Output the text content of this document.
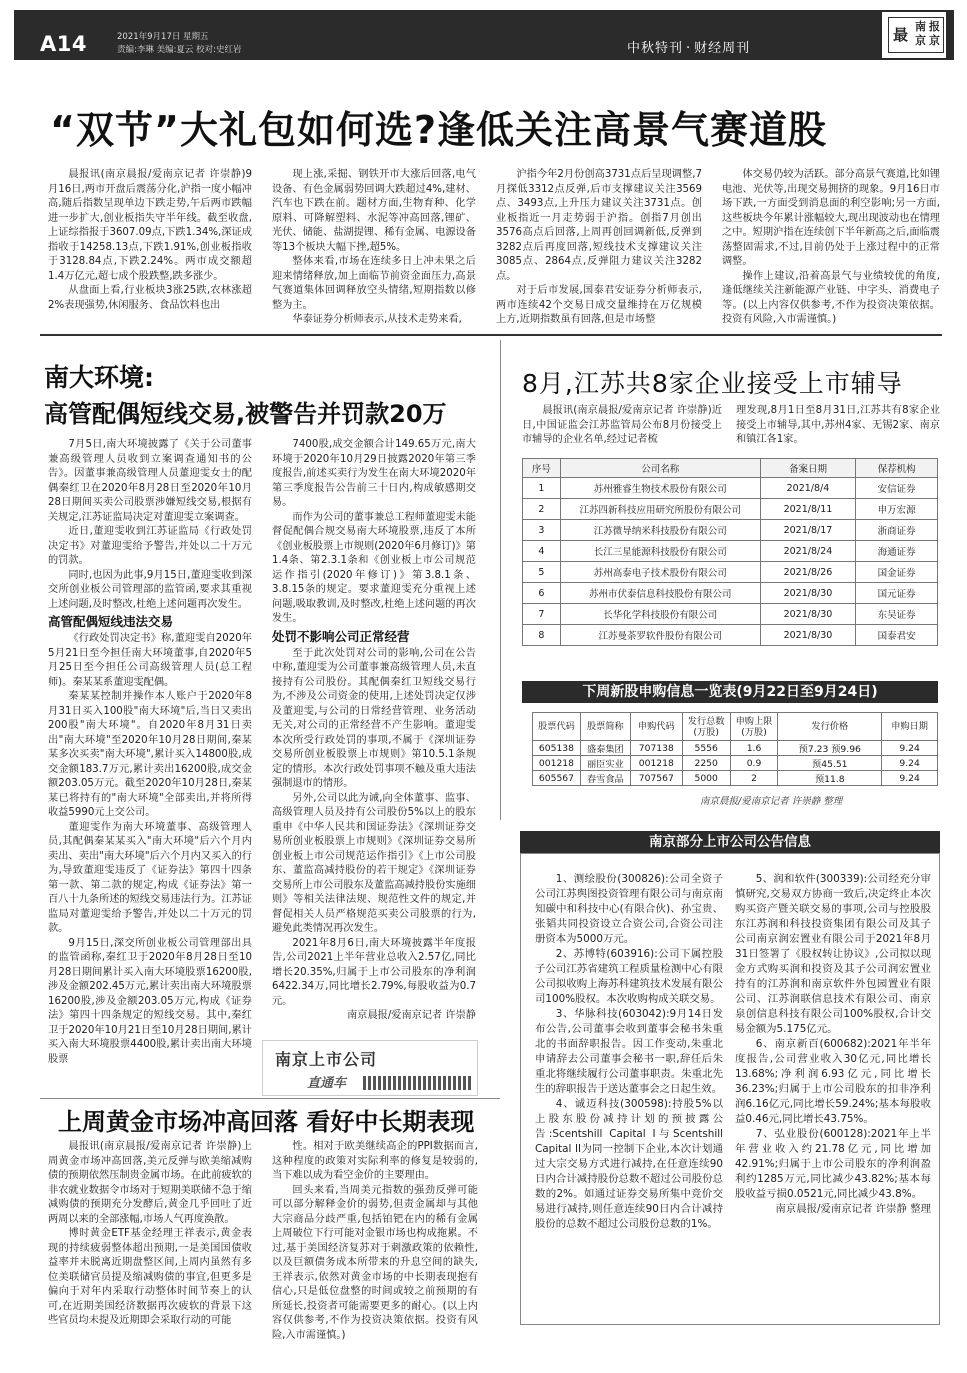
A14	2021年9月17日 星期五
责编:李琳 美编:夏云 校对:史红岩	中秋特刊 · 财经周刊
最 南京
报京
“双节”大礼包如何选?逢低关注高景气赛道股

晨报讯(南京晨报/爱南京记者 许崇静)9月16日,两市开盘后震荡分化,沪指一度小幅冲高,随后指数呈现单边下跌走势,午后两市跌幅进一步扩大,创业板指失守半年线。截至收盘,上证综指报于3607.09点,下跌1.34%,深证成指收于14258.13点,下跌1.91%,创业板指收于3128.84点,下跌2.24%。两市成交额超1.4万亿元,超七成个股跌整,跌多涨少。

从盘面上看,行业板块3涨25跌,农林涨超2%表现强势,休闲服务、食品饮料也出

现上涨,采掘、钢铁开市大涨后回落,电气设备、有色金属弱势回调大跌超过4%,建材、汽车也下跌在前。题材方面,生物育种、化学原料、可降解塑料、水泥等冲高回落,锂矿、光伏、储能、盐湖提锂、稀有金属、电源设备等13个板块大幅下挫,超5%。

整体来看,市场在连续多日上冲未果之后迎来情绪释放,加上面临节前资金面压力,高景气赛道集体回调释放空头情绪,短期指数以修整为主。

华泰证券分析师表示,从技术走势来看,

沪指今年2月份创高3731点后呈现调整,7月探低3312点反弹,后市支撑建议关注3569点、3493点,上升压力建议关注3731点。创业板指近一月走势弱于沪指。创指7月创出3576高点后回落,上周再创回调新低,反弹到3282点后再度回落,短线技术支撑建议关注3085点、2864点,反弹阻力建议关注3282点。

对于后市发展,国泰君安证券分析师表示,两市连续42个交易日成交量维持在万亿规模上方,近期指数虽有回落,但是市场整

体交易仍较为活跃。部分高景气赛道,比如锂电池、光伏等,出现交易拥挤的现象。9月16日市场下跌,一方面受到消息面的利空影响;另一方面,这些板块今年累计涨幅较大,现出现波动也在情理之中。短期沪指在连续创下半年新高之后,面临震荡整固需求,不过,目前仍处于上涨过程中的正常调整。

操作上建议,沿着高景气与业绩较优的角度,逢低继续关注新能源产业链、中字头、消费电子等。(以上内容仅供参考,不作为投资决策依据。投资有风险,入市需谨慎。)

南大环境:
高管配偶短线交易,被警告并罚款20万

7月5日,南大环境披露了《关于公司董事兼高级管理人员收到立案调查通知书的公告》。因董事兼高级管理人员董迎雯女士的配偶秦红卫在2020年8月28日至2020年10月28日期间买卖公司股票涉嫌短线交易,根据有关规定,江苏证监局决定对董迎雯立案调查。

近日,董迎雯收到江苏证监局《行政处罚决定书》对董迎雯给予警告,并处以二十万元的罚款。

同时,也因为此事,9月15日,董迎雯收到深交所创业板公司管理部的监管函,要求其重视上述问题,及时整改,杜绝上述问题再次发生。

高管配偶短线违法交易

《行政处罚决定书》称,董迎雯自2020年5月21日至今担任南大环境董事,自2020年5月25日至今担任公司高级管理人员(总工程师)。秦某某系董迎雯配偶。

秦某某控制并操作本人账户于2020年8月31日买入100股"南大环境"后,当日又卖出200股"南大环境"。自2020年8月31日卖出"南大环境"至2020年10月28日期间,秦某某多次买卖"南大环境",累计买入14800股,成交金额183.7万元,累计卖出16200股,成交金额203.05万元。截至2020年10月28日,秦某某已将持有的"南大环境"全部卖出,并将所得收益5990元上交公司。

董迎雯作为南大环境董事、高级管理人员,其配偶秦某某买入"南大环境"后六个月内卖出、卖出"南大环境"后六个月内又买入的行为,导致董迎雯违反了《证券法》第四十四条第一款、第二款的规定,构成《证券法》第一百八十九条所述的短线交易违法行为。江苏证监局对董迎雯给予警告,并处以二十万元的罚款。

9月15日,深交所创业板公司管理部出具的监管函称,秦红卫于2020年8月28日至10月28日期间累计买入南大环境股票16200股,涉及金额202.45万元,累计卖出南大环境股票16200股,涉及金额203.05万元,构成《证券法》第四十四条规定的短线交易。其中,秦红卫于2020年10月21日至10月28日期间,累计买入南大环境股票4400股,累计卖出南大环境股票

7400股,成交金额合计149.65万元,南大环境于2020年10月29日披露2020年第三季度报告,前述买卖行为发生在南大环境2020年第三季度报告公告前三十日内,构成敏感期交易。

而作为公司的董事兼总工程师董迎雯未能督促配偶合规交易南大环境股票,违反了本所《创业板股票上市规则(2020年6月修订)》第1.4条、第2.3.1条和《创业板上市公司规范运作指引(2020年修订)》第3.8.1条、3.8.15条的规定。要求董迎雯充分重视上述问题,吸取教训,及时整改,杜绝上述问题的再次发生。

处罚不影响公司正常经营

至于此次处罚对公司的影响,公司在公告中称,董迎雯为公司董事兼高级管理人员,未直接持有公司股份。其配偶秦红卫短线交易行为,不涉及公司资金的使用,上述处罚决定仅涉及董迎雯,与公司的日常经营管理、业务活动无关,对公司的正常经营不产生影响。董迎雯本次所受行政处罚的事项,不属于《深圳证券交易所创业板股票上市规则》第10.5.1条规定的情形。本次行政处罚事项不触及重大违法强制退市的情形。

另外,公司以此为诫,向全体董事、监事、高级管理人员及持有公司股份5%以上的股东重申《中华人民共和国证券法》《深圳证券交易所创业板股票上市规则》《深圳证券交易所创业板上市公司规范运作指引》《上市公司股东、董监高减持股份的若干规定》《深圳证券交易所上市公司股东及董监高减持股份实施细则》等相关法律法规、规范性文件的规定,并督促相关人员严格规范买卖公司股票的行为,避免此类情况再次发生。

2021年8月6日,南大环境披露半年度报告,公司2021上半年营业总收入2.57亿,同比增长20.35%,归属于上市公司股东的净利润6422.34万,同比增长2.79%,每股收益为0.7元。

南京晨报/爱南京记者 许崇静

南京上市公司
直通车
上周黄金市场冲高回落 看好中长期表现

晨报讯(南京晨报/爱南京记者 许崇静)上周黄金市场冲高回落,美元反弹与欧美缩减购债的预期依然压制贵金属市场。在此前疲软的非农就业数据令市场对于短期美联储不急于缩减购债的预期充分发酵后,黄金几乎回吐了近两周以来的全部涨幅,市场人气再度涣散。

博时黄金ETF基金经理王祥表示,黄金表现的持续疲弱整体超出预期,一是美国国债收益率并未脱离近期盘整区间,上周内虽然有多位美联储官员提及缩减购债的事宜,但更多是偏向于对年内采取行动整体时间节奏上的认可,在近期美国经济数据再次疲软的背景下这些官员均未提及近期即会采取行动的可能

性。相对于欧美继续高企的PPI数据而言,这种程度的政策对实际利率的修复是较弱的,当下难以成为看空金价的主要理由。

回头来看,当周美元指数的强劲反弹可能可以部分解释金价的弱势,但责金属却与其他大宗商品分歧严重,包括铂钯在内的稀有金属上周破位下行可能对金银市场也构成拖累。不过,基于美国经济复苏对于刺激政策的依赖性,以及巨额债务成本所带来的升息空间的缺失,王祥表示,依然对黄金市场的中长期表现抱有信心,只是低位盘整的时间或较之前预期的有所延长,投资者可能需要更多的耐心。(以上内容仅供参考,不作为投资决策依据。投资有风险,入市需谨慎。)

8月,江苏共8家企业接受上市辅导

晨报讯(南京晨报/爱南京记者 许崇静)近日,中国证监会江苏监管局公布8月份接受上市辅导的企业名单,经过记者梳

理发现,8月1日至8月31日,江苏共有8家企业接受上市辅导,其中,苏州4家、无锡2家、南京和镇江各1家。

序号	公司名称	备案日期	保荐机构
1	苏州雅睿生物技术股份有限公司	2021/8/4	安信证券
2	江苏四新科技应用研究所股份有限公司	2021/8/11	申万宏源
3	江苏微导纳米科技股份有限公司	2021/8/17	浙商证券
4	长江三星能源科技股份有限公司	2021/8/24	海通证券
5	苏州高泰电子技术股份有限公司	2021/8/26	国金证券
6	苏州市伏泰信息科技股份有限公司	2021/8/30	国元证券
7	长华化学科技股份有限公司	2021/8/30	东吴证券
8	江苏曼荼罗软件股份有限公司	2021/8/30	国泰君安
下周新股申购信息一览表(9月22日至9月24日)
股票代码	股票简称	申购代码	发行总数(万股)	申购上限(万股)	发行价格	申购日期
605138	盛泰集团	707138	5556	1.6	预7.23 预9.96	9.24
001218	丽臣实业	001218	2250	0.9	预45.51	9.24
605567	春雪食品	707567	5000	2	预11.8	9.24
南京晨报/爱南京记者 许崇静 整理
南京部分上市公司公告信息

1、测绘股份(300826):公司全资子公司江苏舆图投资管理有限公司与南京南知碳中和科技中心(有限合伙)、孙宝贵、张韬共同投资设立合资公司,合资公司注册资本为5000万元。

2、苏博特(603916):公司下属控股子公司江苏省建筑工程质量检测中心有限公司拟收购上海苏科建筑技术发展有限公司100%股权。本次收购构成关联交易。

3、华脉科技(603042):9月14日发布公告,公司董事会收到董事会秘书朱重北的书面辞职报告。因工作变动,朱重北申请辞去公司董事会秘书一职,辞任后朱重北将继续履行公司董事职责。朱重北先生的辞职报告于送达董事会之日起生效。

4、诚迈科技(300598):持股5%以上股东股份减持计划的预披露公告:Scentshill Capital I与Scentshill Capital II为同一控制下企业,本次计划通过大宗交易方式进行减持,在任意连续90日内合计减持股份总数不超过公司股份总数的2%。如通过证券交易所集中竞价交易进行减持,则任意连续90日内合计减持股份的总数不超过公司股份总数的1%。

5、润和软件(300339):公司经充分审慎研究,交易双方协商一致后,决定终止本次购买资产暨关联交易的事项,公司与控股股东江苏润和科技投资集团有限公司及其子公司南京润宏置业有限公司于2021年8月31日签署了《股权转让协议》,公司拟以现金方式购买润和投资及其子公司润宏置业持有的江苏润和南京软件外包园置业有限公司、江苏润联信息技术有限公司、南京泉创信息科技有限公司100%股权,合计交易金额为5.175亿元。

6、南京新百(600682):2021年半年度报告,公司营业收入30亿元,同比增长13.68%;净利润6.93亿元,同比增长36.23%;归属于上市公司股东的扣非净利润6.16亿元,同比增长59.24%;基本每股收益0.46元,同比增长43.75%。

7、弘业股份(600128):2021年上半年营业收入约21.78亿元,同比增加42.91%;归属于上市公司股东的净利润盈利约1285万元,同比减少43.82%;基本每股收益亏损0.0521元,同比减少43.8%。

南京晨报/爱南京记者 许崇静 整理
